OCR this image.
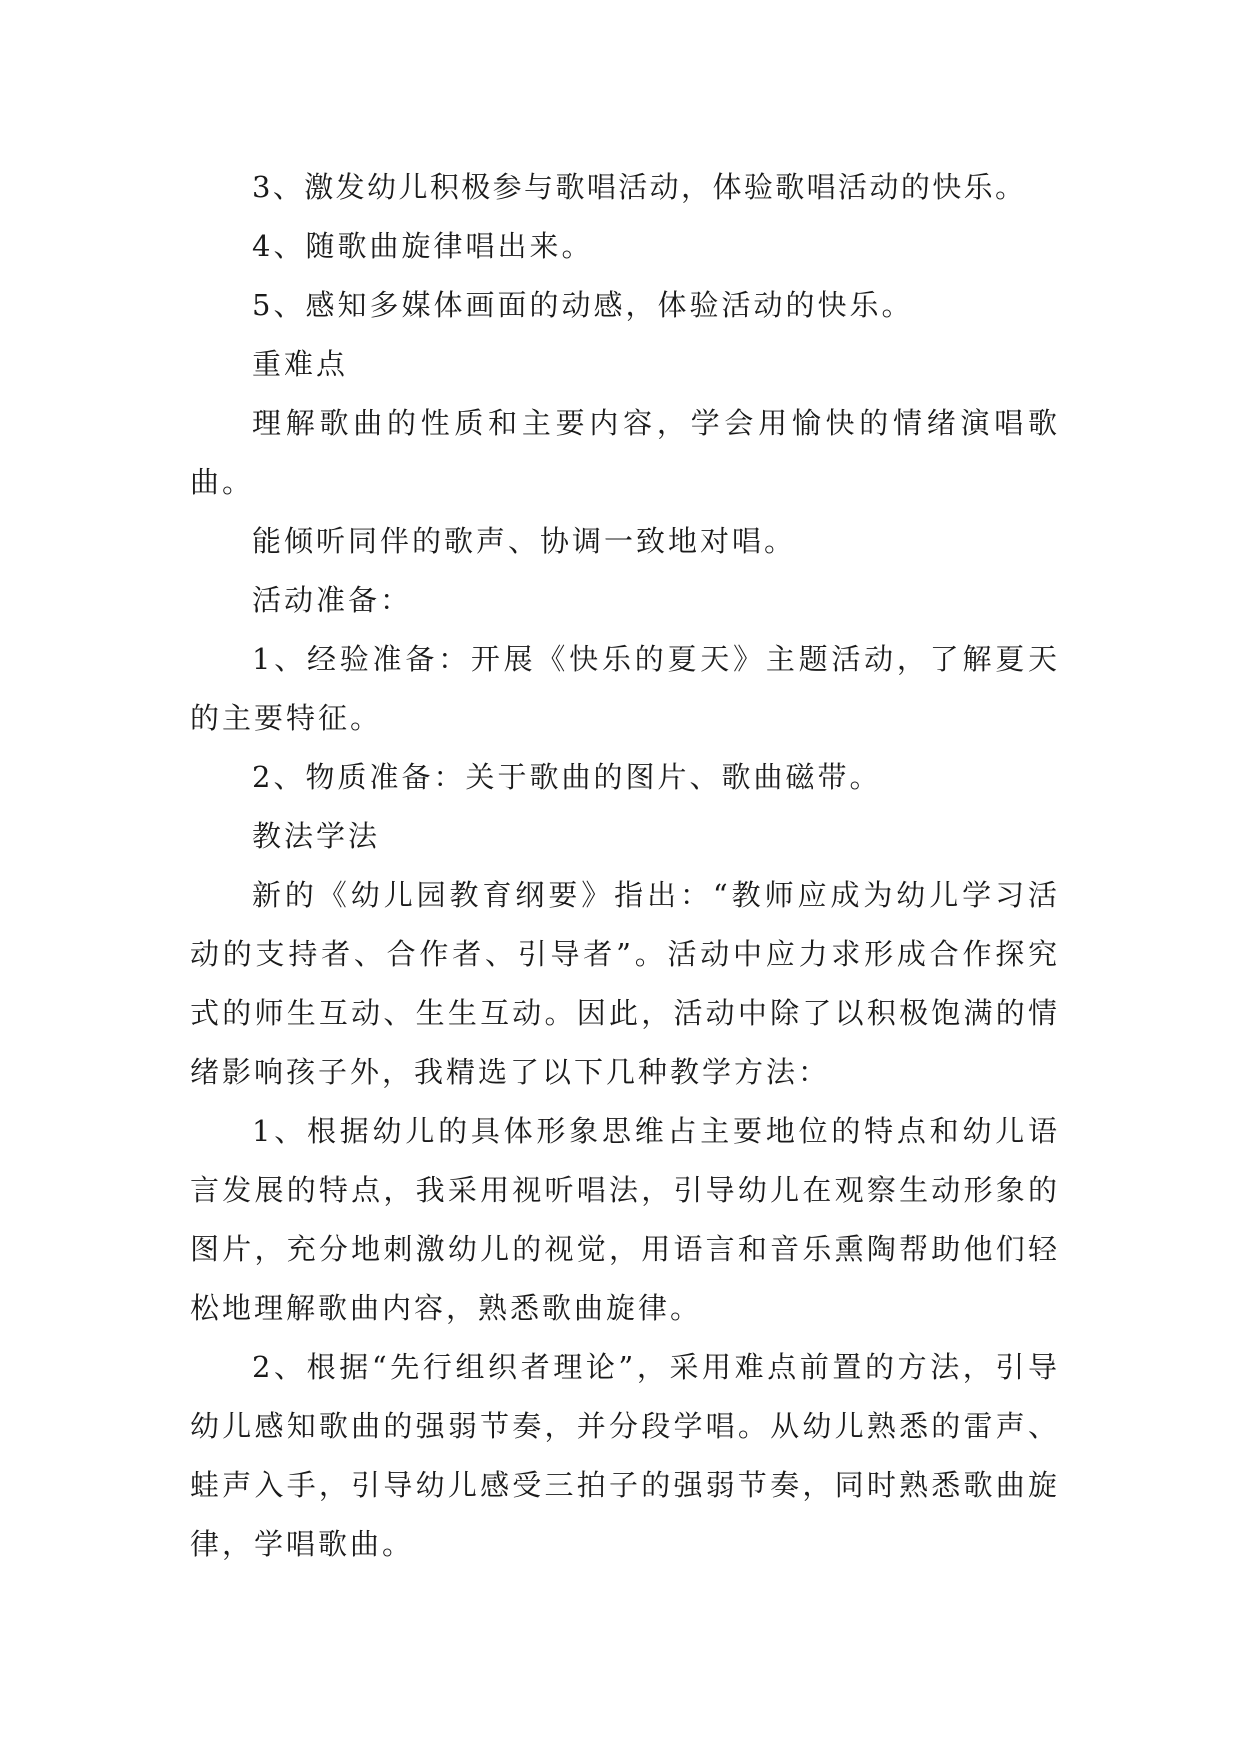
3、激发幼儿积极参与歌唱活动，体验歌唱活动的快乐。

4、随歌曲旋律唱出来。

5、感知多媒体画面的动感，体验活动的快乐。

重难点

理解歌曲的性质和主要内容，学会用愉快的情绪演唱歌曲。

能倾听同伴的歌声、协调一致地对唱。

活动准备：

1、经验准备：开展《快乐的夏天》主题活动，了解夏天的主要特征。

2、物质准备：关于歌曲的图片、歌曲磁带。

教法学法

新的《幼儿园教育纲要》指出：“教师应成为幼儿学习活动的支持者、合作者、引导者”。活动中应力求形成合作探究式的师生互动、生生互动。因此，活动中除了以积极饱满的情绪影响孩子外，我精选了以下几种教学方法：

1、根据幼儿的具体形象思维占主要地位的特点和幼儿语言发展的特点，我采用视听唱法，引导幼儿在观察生动形象的图片，充分地刺激幼儿的视觉，用语言和音乐熏陶帮助他们轻松地理解歌曲内容，熟悉歌曲旋律。

2、根据“先行组织者理论”，采用难点前置的方法，引导幼儿感知歌曲的强弱节奏，并分段学唱。从幼儿熟悉的雷声、蛙声入手，引导幼儿感受三拍子的强弱节奏，同时熟悉歌曲旋律，学唱歌曲。
